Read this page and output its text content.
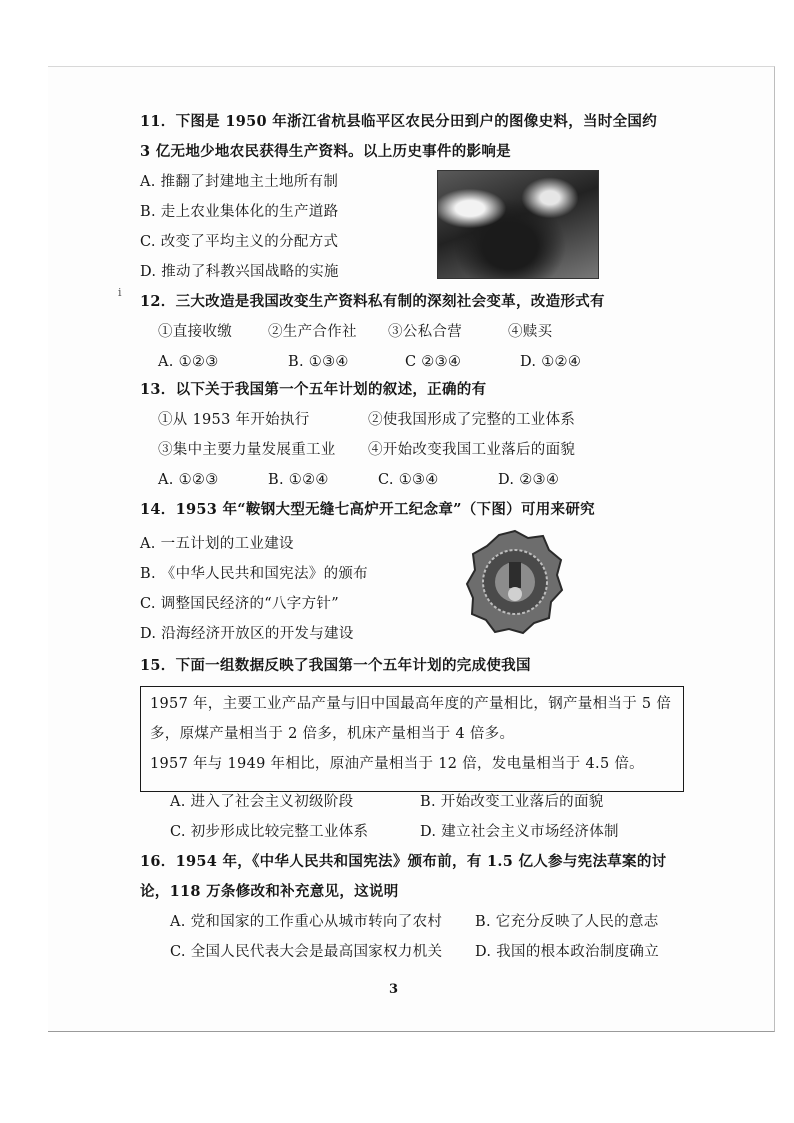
11．下图是 1950 年浙江省杭县临平区农民分田到户的图像史料，当时全国约
3 亿无地少地农民获得生产资料。以上历史事件的影响是
A. 推翻了封建地主土地所有制
B. 走上农业集体化的生产道路
C. 改变了平均主义的分配方式
D. 推动了科教兴国战略的实施
i
12．三大改造是我国改变生产资料私有制的深刻社会变革，改造形式有
①直接收缴 ②生产合作社 ③公私合营	④赎买
A. ①②③	B. ①③④	C ②③④	D. ①②④
13．以下关于我国第一个五年计划的叙述，正确的有
①从 1953 年开始执行	②使我国形成了完整的工业体系
③集中主要力量发展重工业 ④开始改变我国工业落后的面貌
A. ①②③	B. ①②④	C. ①③④	D. ②③④
14．1953 年“鞍钢大型无缝七高炉开工纪念章”（下图）可用来研究
A. 一五计划的工业建设
B. 《中华人民共和国宪法》的颁布
C. 调整国民经济的“八字方针”
D. 沿海经济开放区的开发与建设
15．下面一组数据反映了我国第一个五年计划的完成使我国
1957 年，主要工业产品产量与旧中国最高年度的产量相比，钢产量相当于 5 倍
多，原煤产量相当于 2 倍多，机床产量相当于 4 倍多。
1957 年与 1949 年相比，原油产量相当于 12 倍，发电量相当于 4.5 倍。
A. 进入了社会主义初级阶段	B. 开始改变工业落后的面貌
C. 初步形成比较完整工业体系	D. 建立社会主义市场经济体制
16．1954 年，《中华人民共和国宪法》颁布前，有 1.5 亿人参与宪法草案的讨
论，118 万条修改和补充意见，这说明
A. 党和国家的工作重心从城市转向了农村 B. 它充分反映了人民的意志
C. 全国人民代表大会是最高国家权力机关 D. 我国的根本政治制度确立
3
